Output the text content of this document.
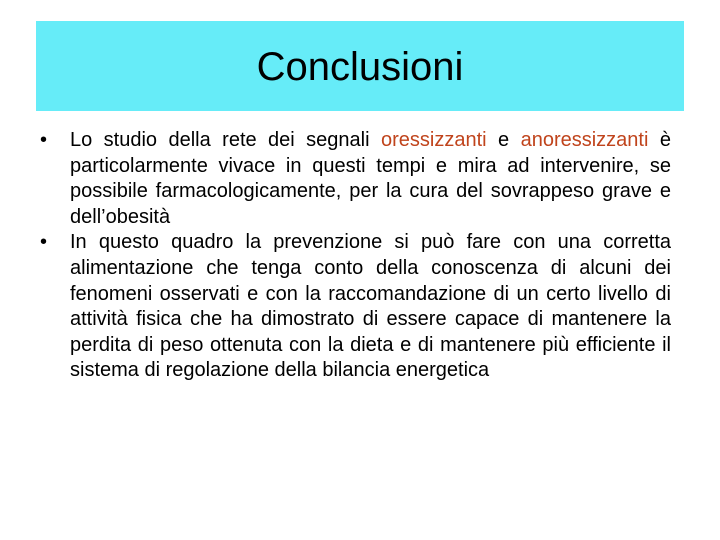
Conclusioni
• Lo studio della rete dei segnali oressizzanti e anoressizzanti è particolarmente vivace in questi tempi e mira ad intervenire, se possibile farmacologicamente, per la cura del sovrappeso grave e dell’obesità
• In questo quadro la prevenzione si può fare con una corretta alimentazione che tenga conto della conoscenza di alcuni dei fenomeni osservati e con la raccomandazione di un certo livello di attività fisica che ha dimostrato di essere capace di mantenere la perdita di peso ottenuta con la dieta e di mantenere più efficiente il sistema di regolazione della bilancia energetica
